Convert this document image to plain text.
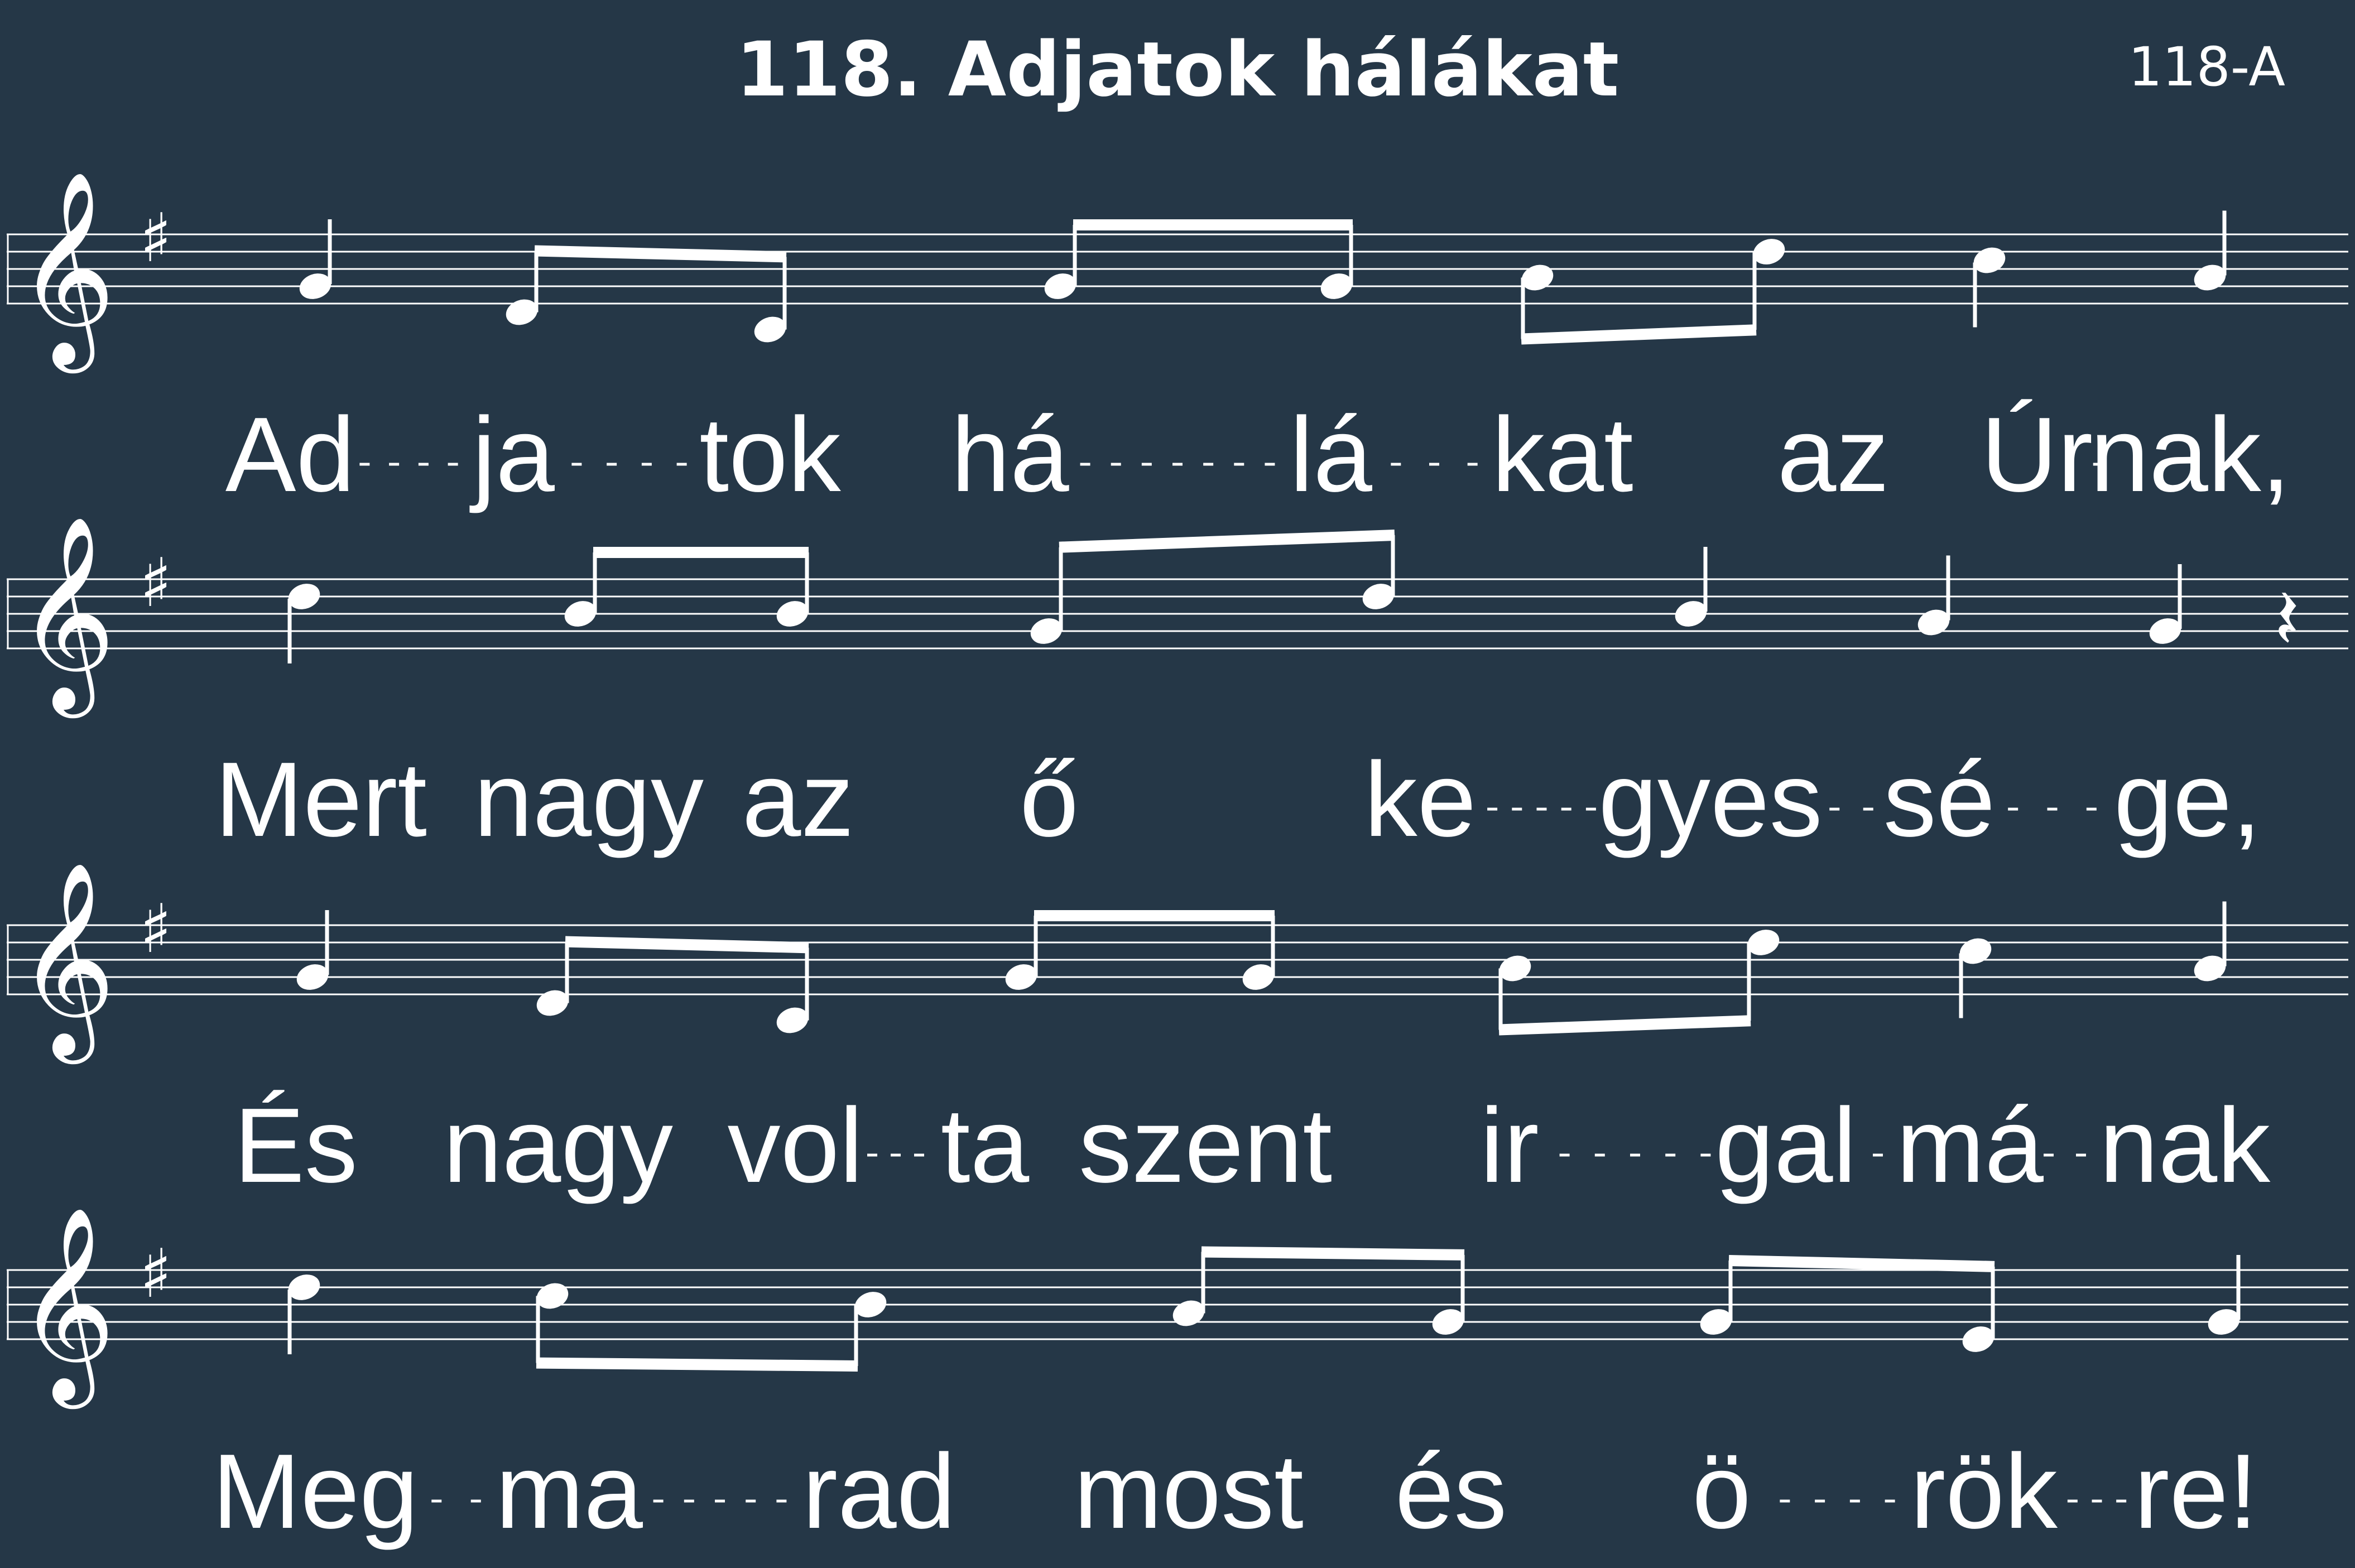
118. Adjatok hálákat	118-A
𝄞 ♯
Ad ja tok há lá kat az Úr
nak,
𝄞 ♯	𝄽
Mert nagy az ő	ke gyes sé ge,
𝄞 ♯
És nagy vol ta szent ir gal má nak
𝄞 ♯
Meg ma rad most és ö rök re!
